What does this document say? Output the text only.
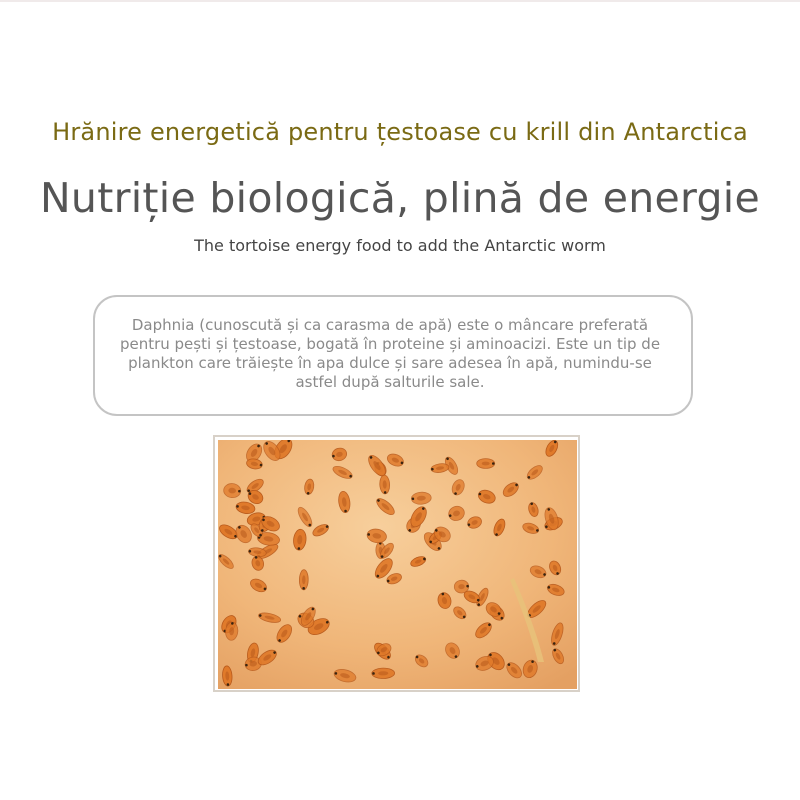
Hrănire energetică pentru țestoase cu krill din Antarctica
Nutriție biologică, plină de energie
The tortoise energy food to add the Antarctic worm
Daphnia (cunoscută și ca carasma de apă) este o mâncare preferată pentru pești și țestoase, bogată în proteine și aminoacizi. Este un tip de plankton care trăiește în apa dulce și sare adesea în apă, numindu-se astfel după salturile sale.
